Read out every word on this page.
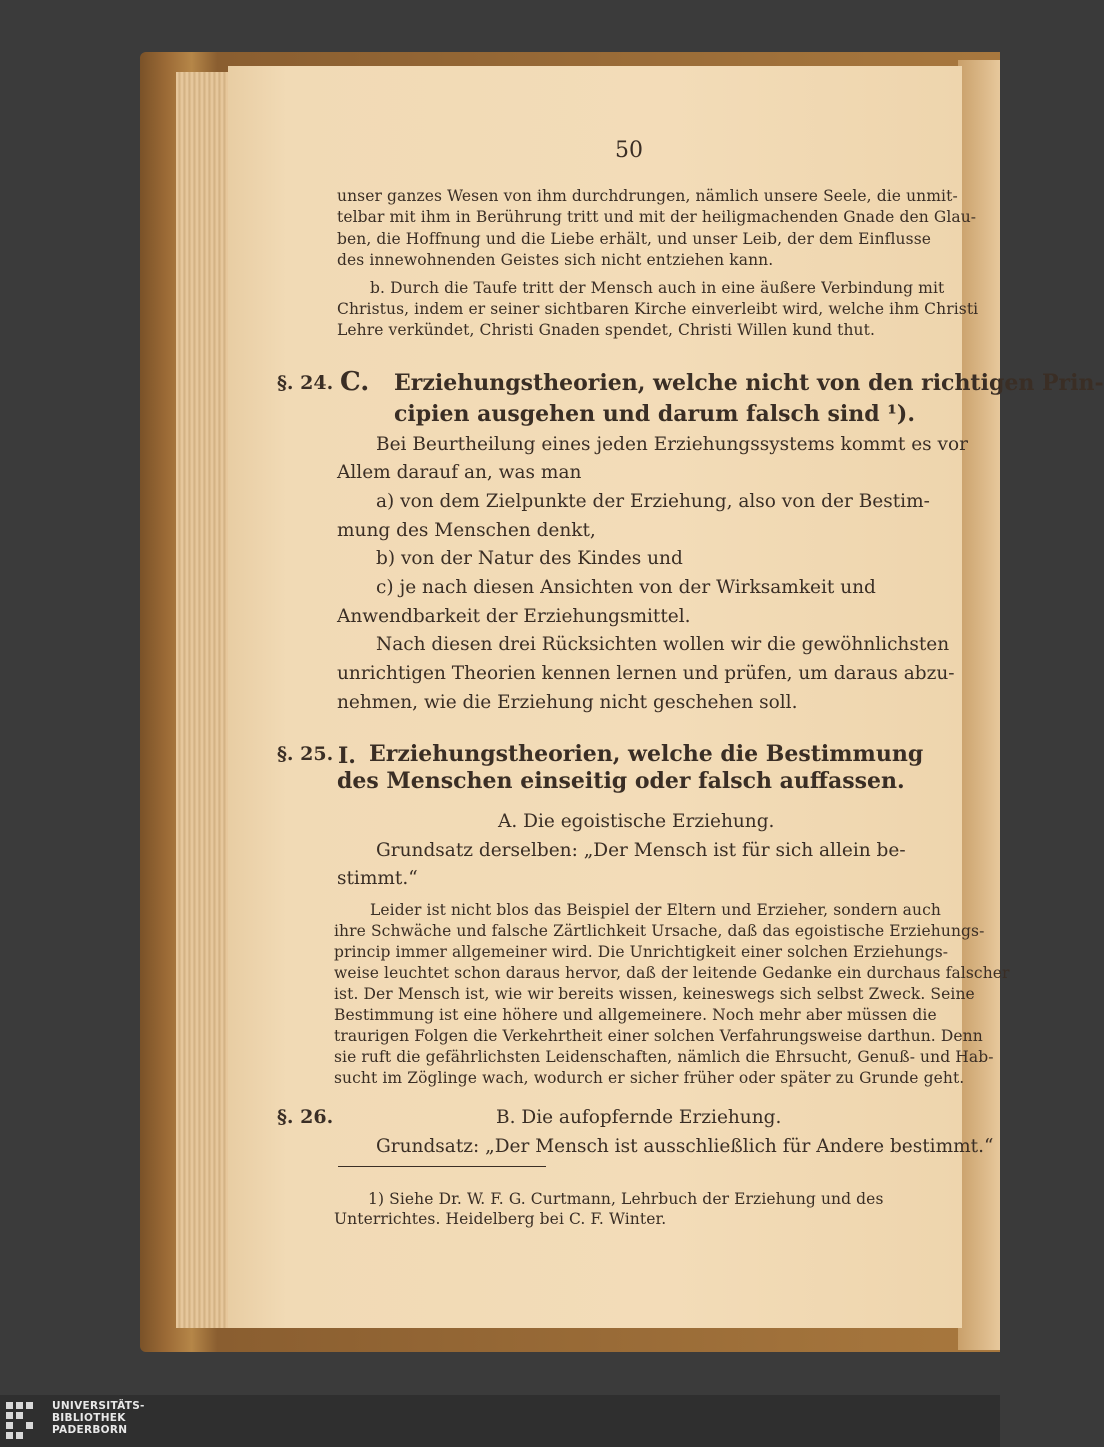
50
unser ganzes Wesen von ihm durchdrungen, nämlich unsere Seele, die unmit-
telbar mit ihm in Berührung tritt und mit der heiligmachenden Gnade den Glau-
ben, die Hoffnung und die Liebe erhält, und unser Leib, der dem Einflusse
des innewohnenden Geistes sich nicht entziehen kann.
b. Durch die Taufe tritt der Mensch auch in eine äußere Verbindung mit
Christus, indem er seiner sichtbaren Kirche einverleibt wird, welche ihm Christi
Lehre verkündet, Christi Gnaden spendet, Christi Willen kund thut.
§. 24. C. Erziehungstheorien, welche nicht von den richtigen Prin-
cipien ausgehen und darum falsch sind ¹).
Bei Beurtheilung eines jeden Erziehungssystems kommt es vor
Allem darauf an, was man
a) von dem Zielpunkte der Erziehung, also von der Bestim-
mung des Menschen denkt,
b) von der Natur des Kindes und
c) je nach diesen Ansichten von der Wirksamkeit und
Anwendbarkeit der Erziehungsmittel.
Nach diesen drei Rücksichten wollen wir die gewöhnlichsten
unrichtigen Theorien kennen lernen und prüfen, um daraus abzu-
nehmen, wie die Erziehung nicht geschehen soll.
§. 25. I. Erziehungstheorien, welche die Bestimmung
des Menschen einseitig oder falsch auffassen.
A. Die egoistische Erziehung.
Grundsatz derselben: „Der Mensch ist für sich allein be-
stimmt.“
Leider ist nicht blos das Beispiel der Eltern und Erzieher, sondern auch
ihre Schwäche und falsche Zärtlichkeit Ursache, daß das egoistische Erziehungs-
princip immer allgemeiner wird. Die Unrichtigkeit einer solchen Erziehungs-
weise leuchtet schon daraus hervor, daß der leitende Gedanke ein durchaus falscher
ist. Der Mensch ist, wie wir bereits wissen, keineswegs sich selbst Zweck. Seine
Bestimmung ist eine höhere und allgemeinere. Noch mehr aber müssen die
traurigen Folgen die Verkehrtheit einer solchen Verfahrungsweise darthun. Denn
sie ruft die gefährlichsten Leidenschaften, nämlich die Ehrsucht, Genuß- und Hab-
sucht im Zöglinge wach, wodurch er sicher früher oder später zu Grunde geht.
§. 26.	B. Die aufopfernde Erziehung.
Grundsatz: „Der Mensch ist ausschließlich für Andere bestimmt.“
1) Siehe Dr. W. F. G. Curtmann, Lehrbuch der Erziehung und des
Unterrichtes. Heidelberg bei C. F. Winter.
UNIVERSITÄTS-
BIBLIOTHEK
PADERBORN
